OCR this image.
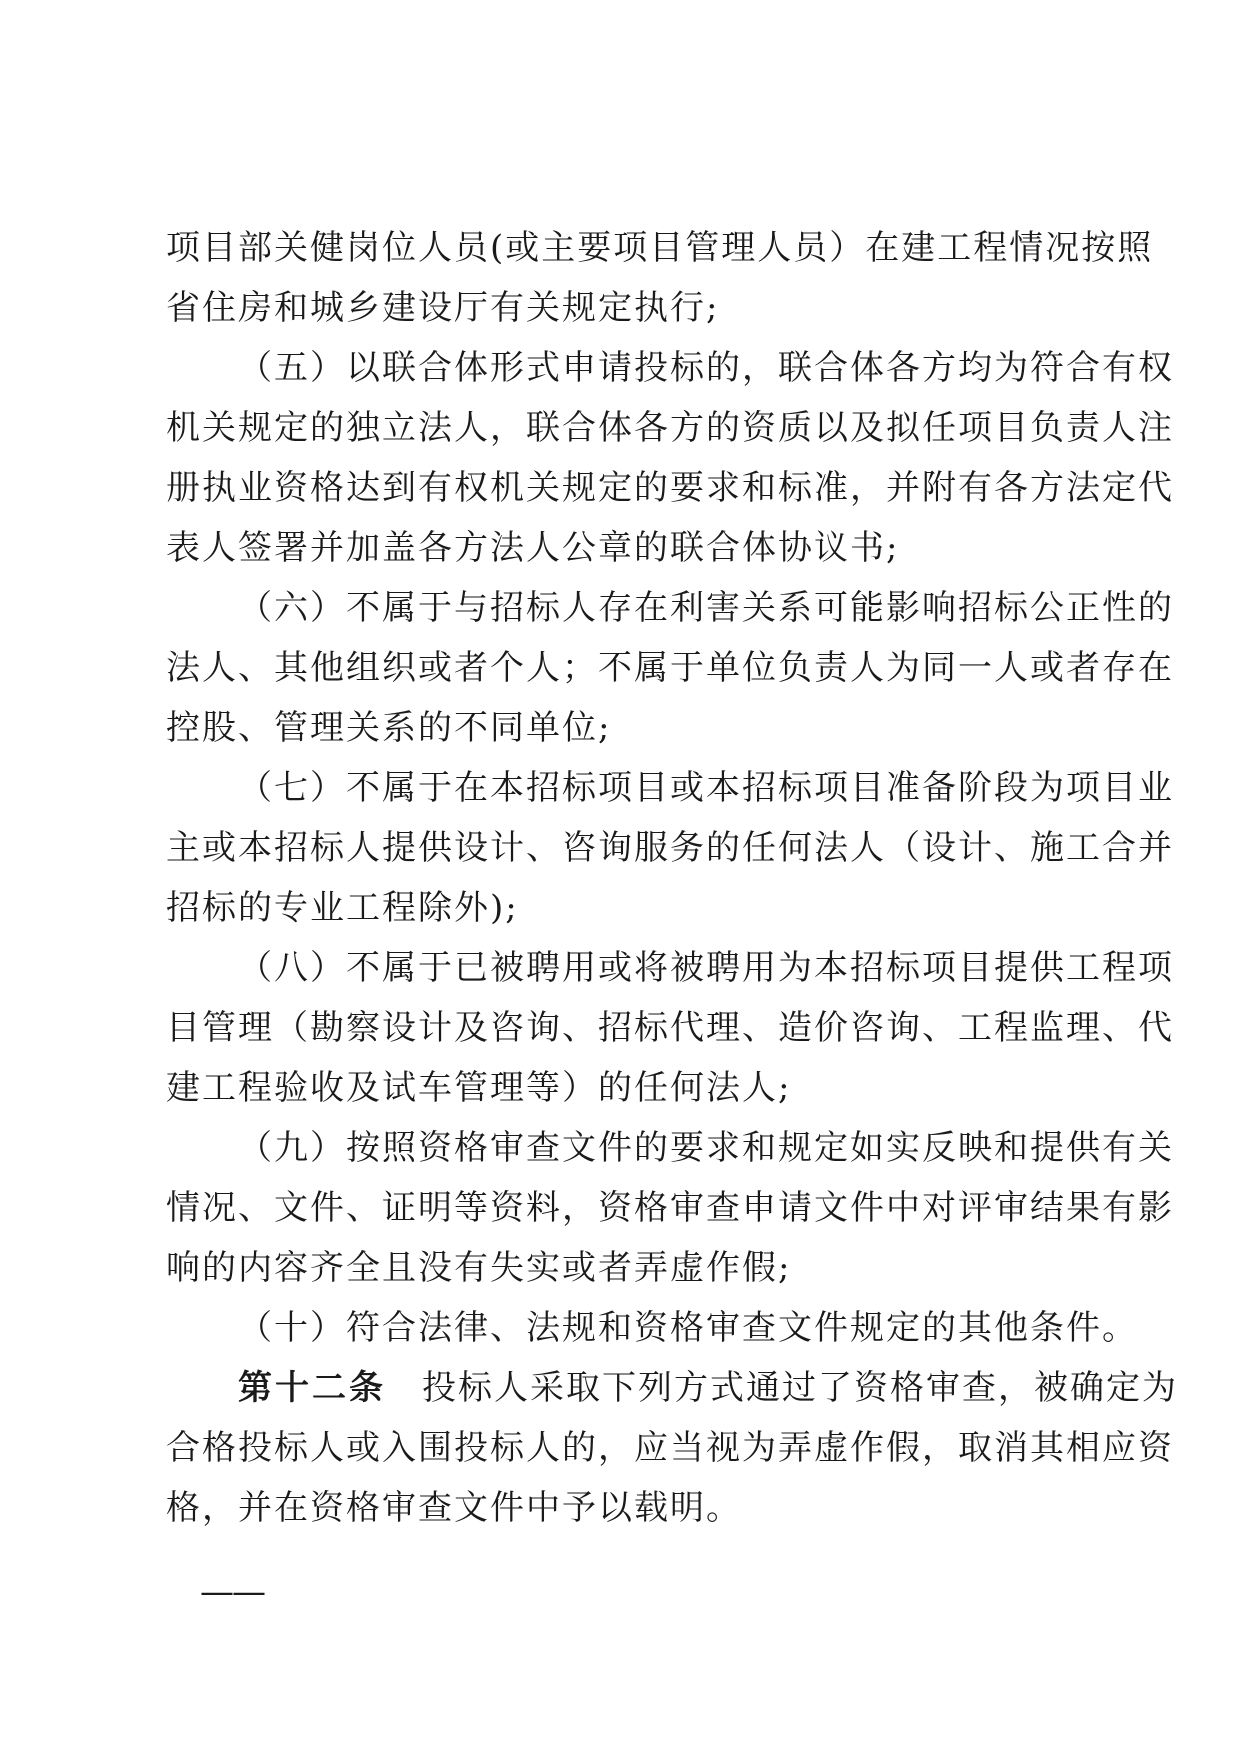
项目部关健岗位人员(或主要项目管理人员）在建工程情况按照
省住房和城乡建设厅有关规定执行;
（五）以联合体形式申请投标的，联合体各方均为符合有权
机关规定的独立法人，联合体各方的资质以及拟任项目负责人注
册执业资格达到有权机关规定的要求和标准，并附有各方法定代
表人签署并加盖各方法人公章的联合体协议书;
（六）不属于与招标人存在利害关系可能影响招标公正性的
法人、其他组织或者个人；不属于单位负责人为同一人或者存在
控股、管理关系的不同单位;
（七）不属于在本招标项目或本招标项目准备阶段为项目业
主或本招标人提供设计、咨询服务的任何法人（设计、施工合并
招标的专业工程除外);
（八）不属于已被聘用或将被聘用为本招标项目提供工程项
目管理（勘察设计及咨询、招标代理、造价咨询、工程监理、代
建工程验收及试车管理等）的任何法人;
（九）按照资格审查文件的要求和规定如实反映和提供有关
情况、文件、证明等资料，资格审查申请文件中对评审结果有影
响的内容齐全且没有失实或者弄虚作假;
（十）符合法律、法规和资格审查文件规定的其他条件。
第十二条 投标人采取下列方式通过了资格审查，被确定为
合格投标人或入围投标人的，应当视为弄虚作假，取消其相应资
格，并在资格审查文件中予以载明。
——
